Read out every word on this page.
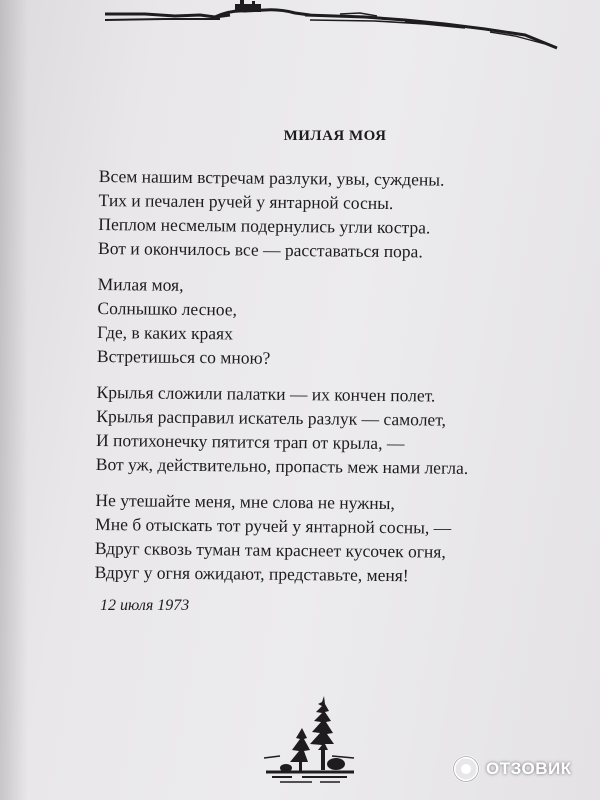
МИЛАЯ МОЯ
Всем нашим встречам разлуки, увы, суждены.
Тих и печален ручей у янтарной сосны.
Пеплом несмелым подернулись угли костра.
Вот и окончилось все — расставаться пора.
Милая моя,
Солнышко лесное,
Где, в каких краях
Встретишься со мною?
Крылья сложили палатки — их кончен полет.
Крылья расправил искатель разлук — самолет,
И потихонечку пятится трап от крыла, —
Вот уж, действительно, пропасть меж нами легла.
Не утешайте меня, мне слова не нужны,
Мне б отыскать тот ручей у янтарной сосны, —
Вдруг сквозь туман там краснеет кусочек огня,
Вдруг у огня ожидают, представьте, меня!
12 июля 1973
ОТЗОВИК
